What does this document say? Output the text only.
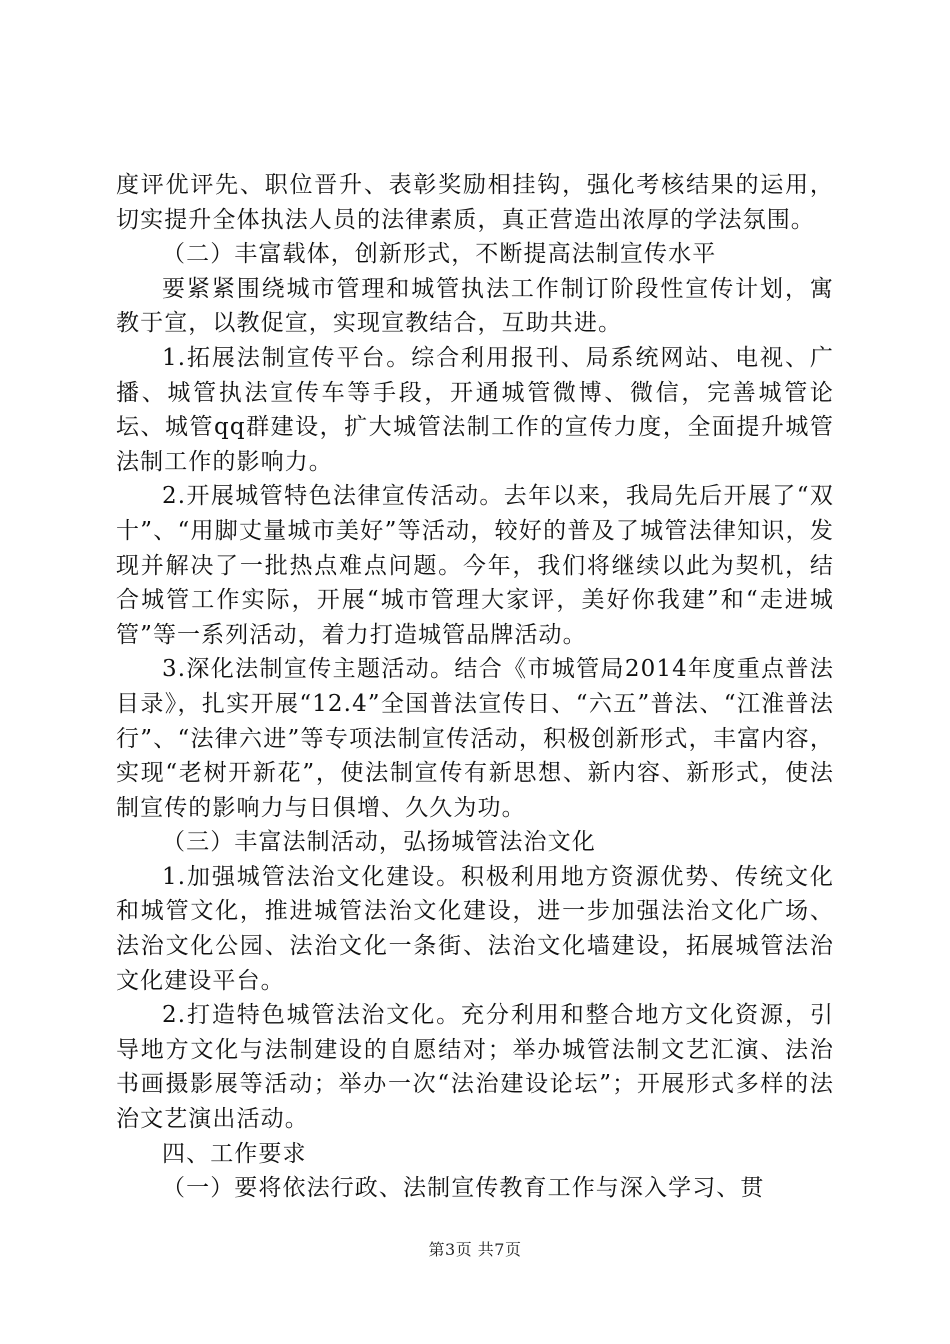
度评优评先、职位晋升、表彰奖励相挂钩，强化考核结果的运用，切实提升全体执法人员的法律素质，真正营造出浓厚的学法氛围。

（二）丰富载体，创新形式，不断提高法制宣传水平

要紧紧围绕城市管理和城管执法工作制订阶段性宣传计划，寓教于宣，以教促宣，实现宣教结合，互助共进。

1.拓展法制宣传平台。综合利用报刊、局系统网站、电视、广播、城管执法宣传车等手段，开通城管微博、微信，完善城管论坛、城管qq群建设，扩大城管法制工作的宣传力度，全面提升城管法制工作的影响力。

2.开展城管特色法律宣传活动。去年以来，我局先后开展了“双十”、“用脚丈量城市美好”等活动，较好的普及了城管法律知识，发现并解决了一批热点难点问题。今年，我们将继续以此为契机，结合城管工作实际，开展“城市管理大家评，美好你我建”和“走进城管”等一系列活动，着力打造城管品牌活动。

3.深化法制宣传主题活动。结合《市城管局2014年度重点普法目录》，扎实开展“12.4”全国普法宣传日、“六五”普法、“江淮普法行”、“法律六进”等专项法制宣传活动，积极创新形式，丰富内容，实现“老树开新花”，使法制宣传有新思想、新内容、新形式，使法制宣传的影响力与日俱增、久久为功。

（三）丰富法制活动，弘扬城管法治文化

1.加强城管法治文化建设。积极利用地方资源优势、传统文化和城管文化，推进城管法治文化建设，进一步加强法治文化广场、法治文化公园、法治文化一条街、法治文化墙建设，拓展城管法治文化建设平台。

2.打造特色城管法治文化。充分利用和整合地方文化资源，引导地方文化与法制建设的自愿结对；举办城管法制文艺汇演、法治书画摄影展等活动；举办一次“法治建设论坛”；开展形式多样的法治文艺演出活动。

四、工作要求

（一）要将依法行政、法制宣传教育工作与深入学习、贯

第3页 共7页
